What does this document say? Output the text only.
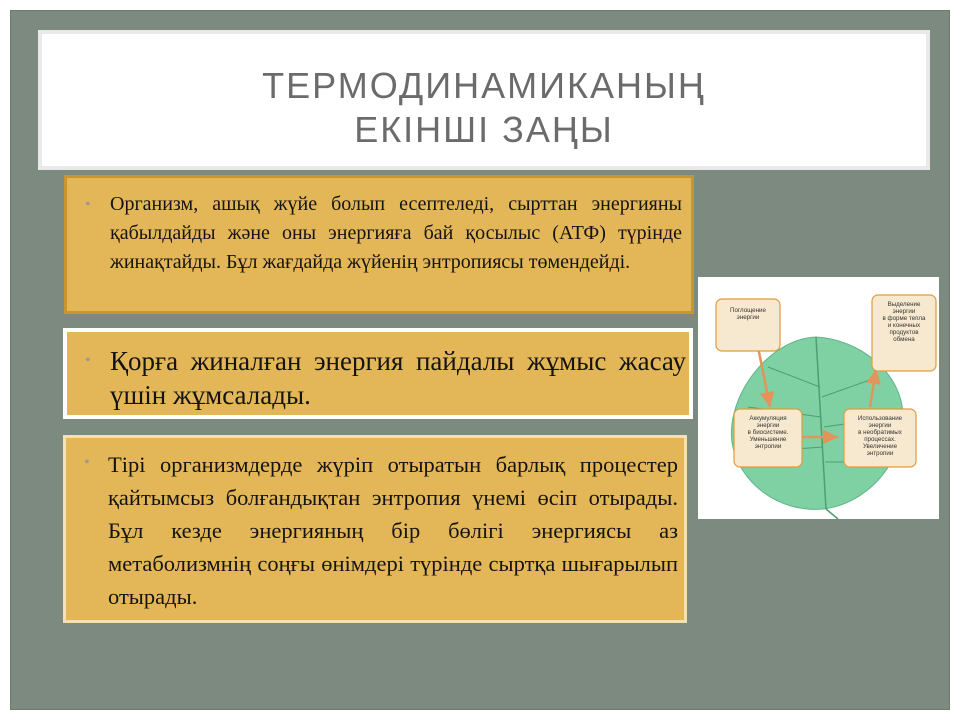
ТЕРМОДИНАМИКАНЫҢ
ЕКІНШІ ЗАҢЫ
• Организм, ашық жүйе болып есептеледі, сырттан энергияны қабылдайды және оны энергияға бай қосылыс (АТФ) түрінде жинақтайды. Бұл жағдайда жүйенің энтропиясы төмендейді.
• Қорға жиналған энергия пайдалы жұмыс жасау үшін жұмсалады.
• Тірі организмдерде жүріп отыратын барлық процестер қайтымсыз болғандықтан энтропия үнемі өсіп отырады. Бұл кезде энергияның бір бөлігі энергиясы аз метаболизмнің соңғы өнімдері түрінде сыртқа шығарылып отырады.
Поглощение
энергии
Выделение
энергии
в форме тепла
и конечных
продуктов
обмена
Аккумуляция
энергии
в биосистеме.
Уменьшение
энтропии
Использование
энергии
в необратимых
процессах.
Увеличение
энтропии
